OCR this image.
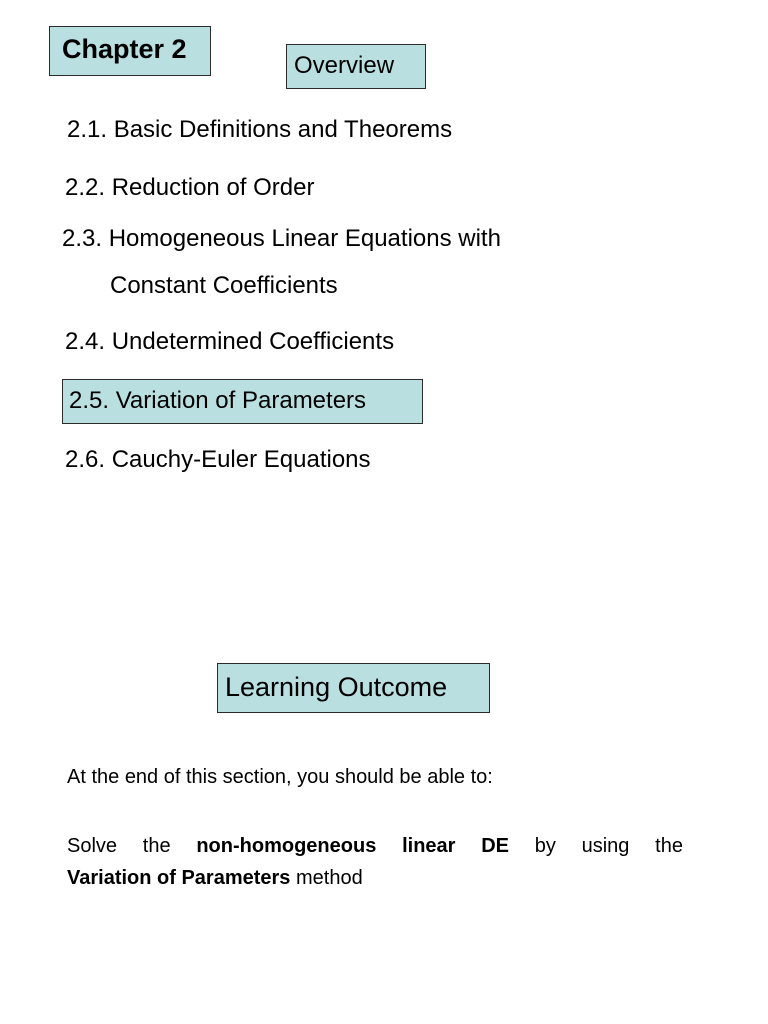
Chapter 2
Overview
2.1. Basic Definitions and Theorems
2.2. Reduction of Order
2.3. Homogeneous Linear Equations with
Constant Coefficients
2.4. Undetermined Coefficients
2.5. Variation of Parameters
2.6. Cauchy-Euler Equations
Learning Outcome
At the end of this section, you should be able to:
Solve the non-homogeneous linear DE by using the
Variation of Parameters method
